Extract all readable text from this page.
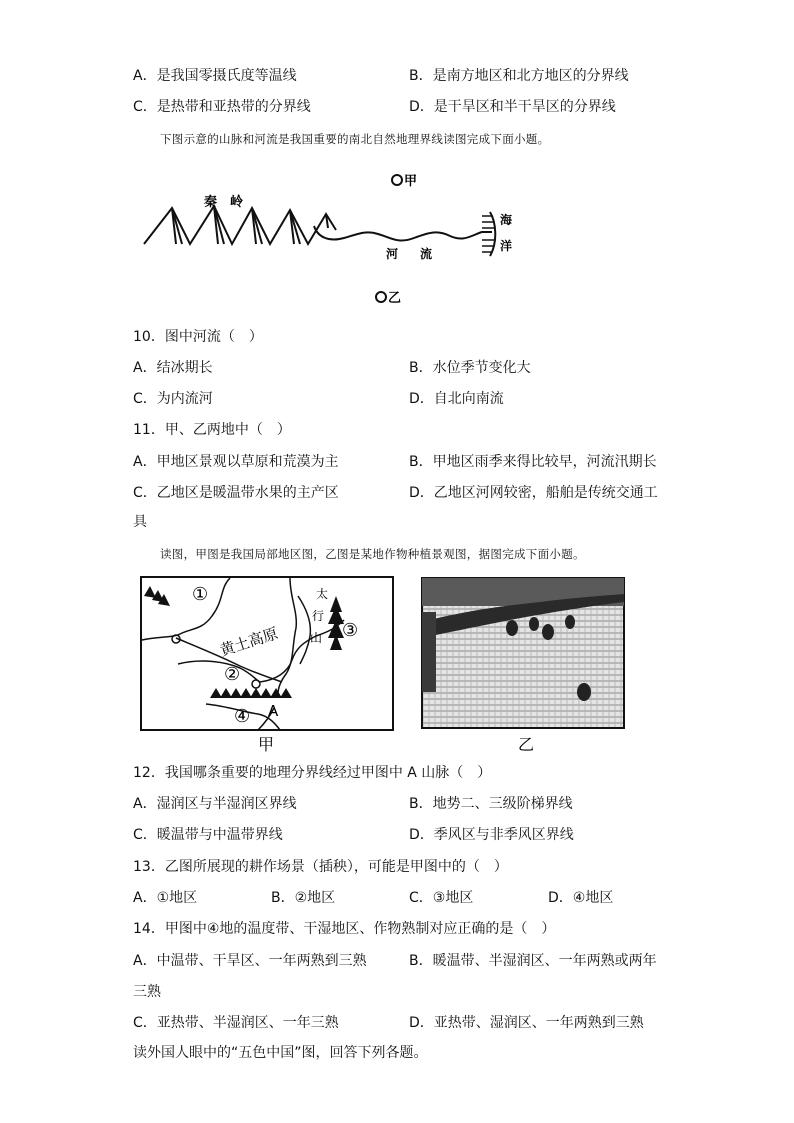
A．是我国零摄氏度等温线	B．是南方地区和北方地区的分界线
C．是热带和亚热带的分界线	D．是干旱区和半干旱区的分界线
下图示意的山脉和河流是我国重要的南北自然地理界线读图完成下面小题。
秦　岭
甲
乙
河 流
海
洋
10．图中河流（　）
A．结冰期长	B．水位季节变化大
C．为内流河	D．自北向南流
11．甲、乙两地中（　）
A．甲地区景观以草原和荒漠为主	B．甲地区雨季来得比较早，河流汛期长
C．乙地区是暖温带水果的主产区	D．乙地区河网较密，船舶是传统交通工
具
读图，甲图是我国局部地区图，乙图是某地作物种植景观图，据图完成下面小题。
①
②
③
④
黄土高原
太
行
山
A
甲	乙
12．我国哪条重要的地理分界线经过甲图中 A 山脉（　）
A．湿润区与半湿润区界线	B．地势二、三级阶梯界线
C．暖温带与中温带界线	D．季风区与非季风区界线
13．乙图所展现的耕作场景（插秧），可能是甲图中的（　）
A．①地区	B．②地区	C．③地区	D．④地区
14．甲图中④地的温度带、干湿地区、作物熟制对应正确的是（　）
A．中温带、干旱区、一年两熟到三熟	B．暖温带、半湿润区、一年两熟或两年
三熟
C．亚热带、半湿润区、一年三熟	D．亚热带、湿润区、一年两熟到三熟
读外国人眼中的“五色中国”图，回答下列各题。
